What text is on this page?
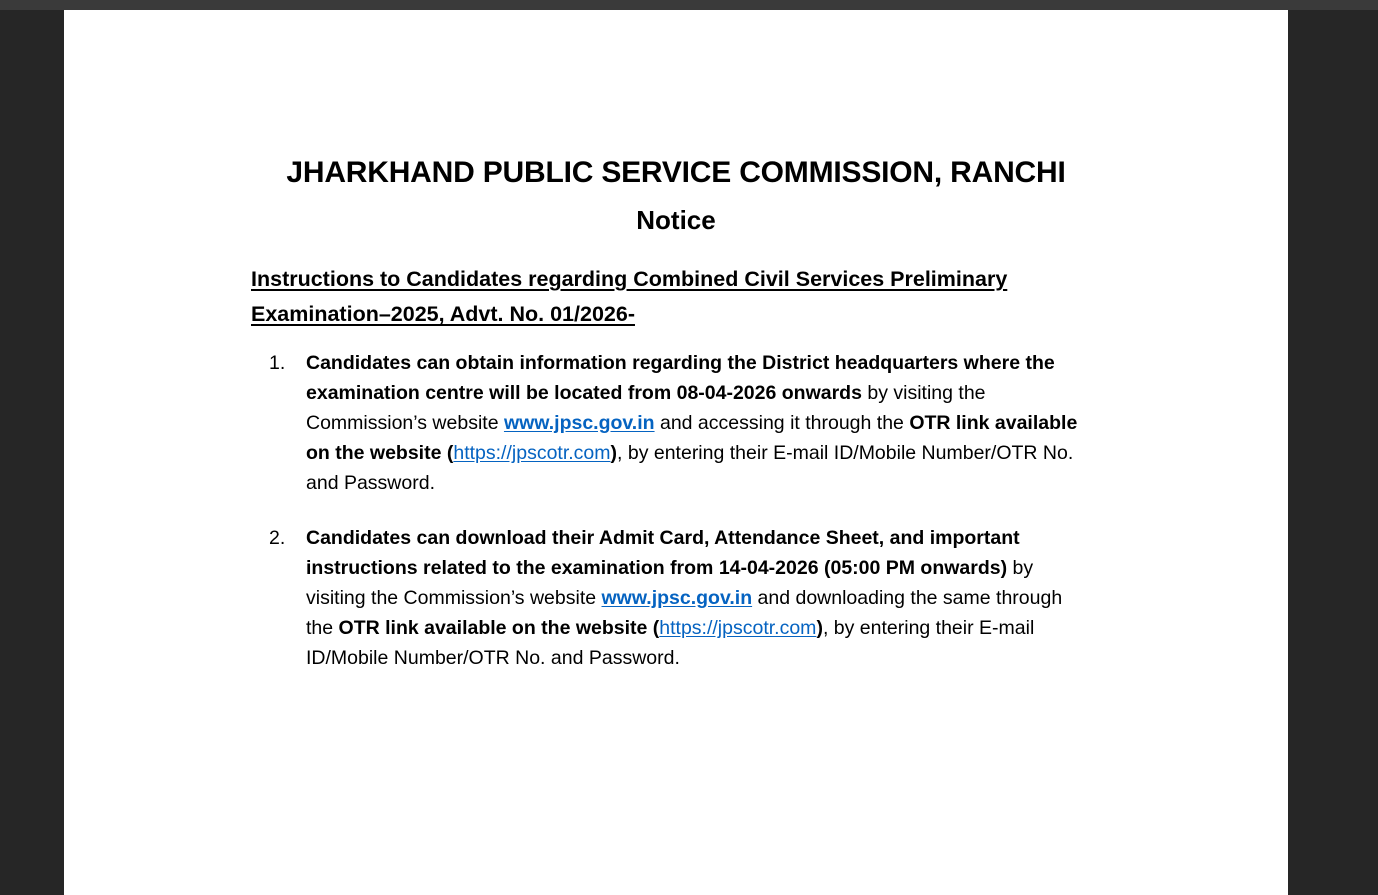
JHARKHAND PUBLIC SERVICE COMMISSION, RANCHI
Notice
Instructions to Candidates regarding Combined Civil Services Preliminary Examination–2025, Advt. No. 01/2026-
1.	Candidates can obtain information regarding the District headquarters where the examination centre will be located from 08-04-2026 onwards by visiting the Commission’s website www.jpsc.gov.in and accessing it through the OTR link available on the website (https://jpscotr.com), by entering their E-mail ID/Mobile Number/OTR No. and Password.
2.	Candidates can download their Admit Card, Attendance Sheet, and important instructions related to the examination from 14-04-2026 (05:00 PM onwards) by visiting the Commission’s website www.jpsc.gov.in and downloading the same through the OTR link available on the website (https://jpscotr.com), by entering their E-mail ID/Mobile Number/OTR No. and Password.
